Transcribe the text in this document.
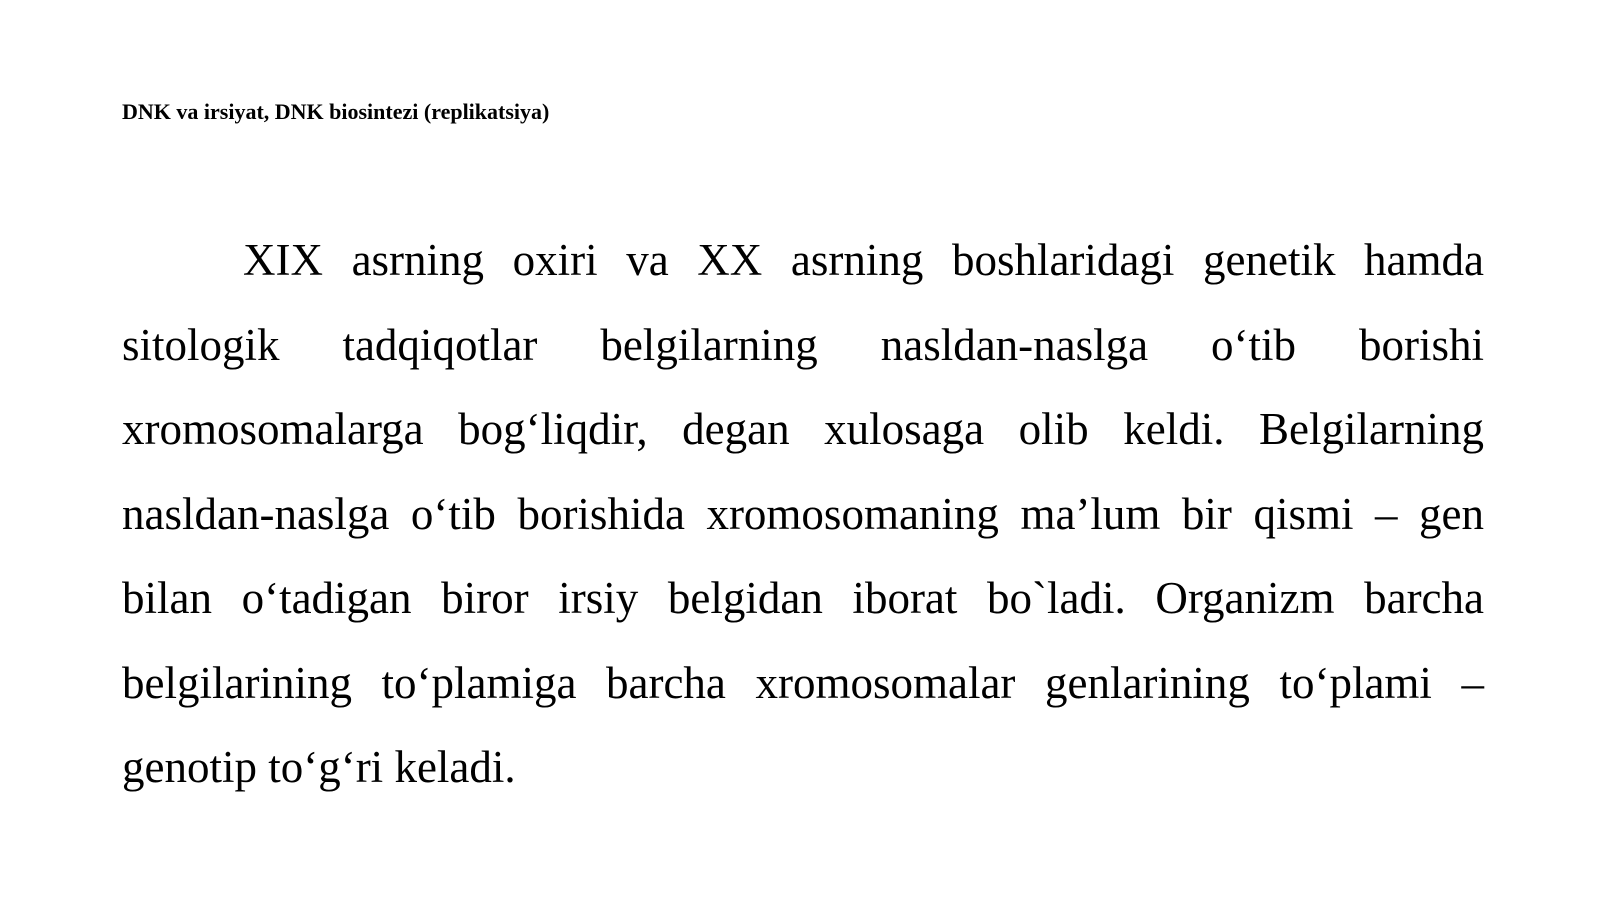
DNK va irsiyat, DNK biosintezi (replikatsiya)

XIX asrning oxiri va XX asrning boshlaridagi genetik hamda sitologik tadqiqotlar belgilarning nasldan-naslga o‘tib borishi xromosomalarga bog‘liqdir, degan xulosaga olib keldi. Belgilarning nasldan-naslga o‘tib borishida xromosomaning ma’lum bir qismi – gen bilan o‘tadigan biror irsiy belgidan iborat bo`ladi. Organizm barcha belgilarining to‘plamiga barcha xromosomalar genlarining to‘plami – genotip to‘g‘ri keladi.
